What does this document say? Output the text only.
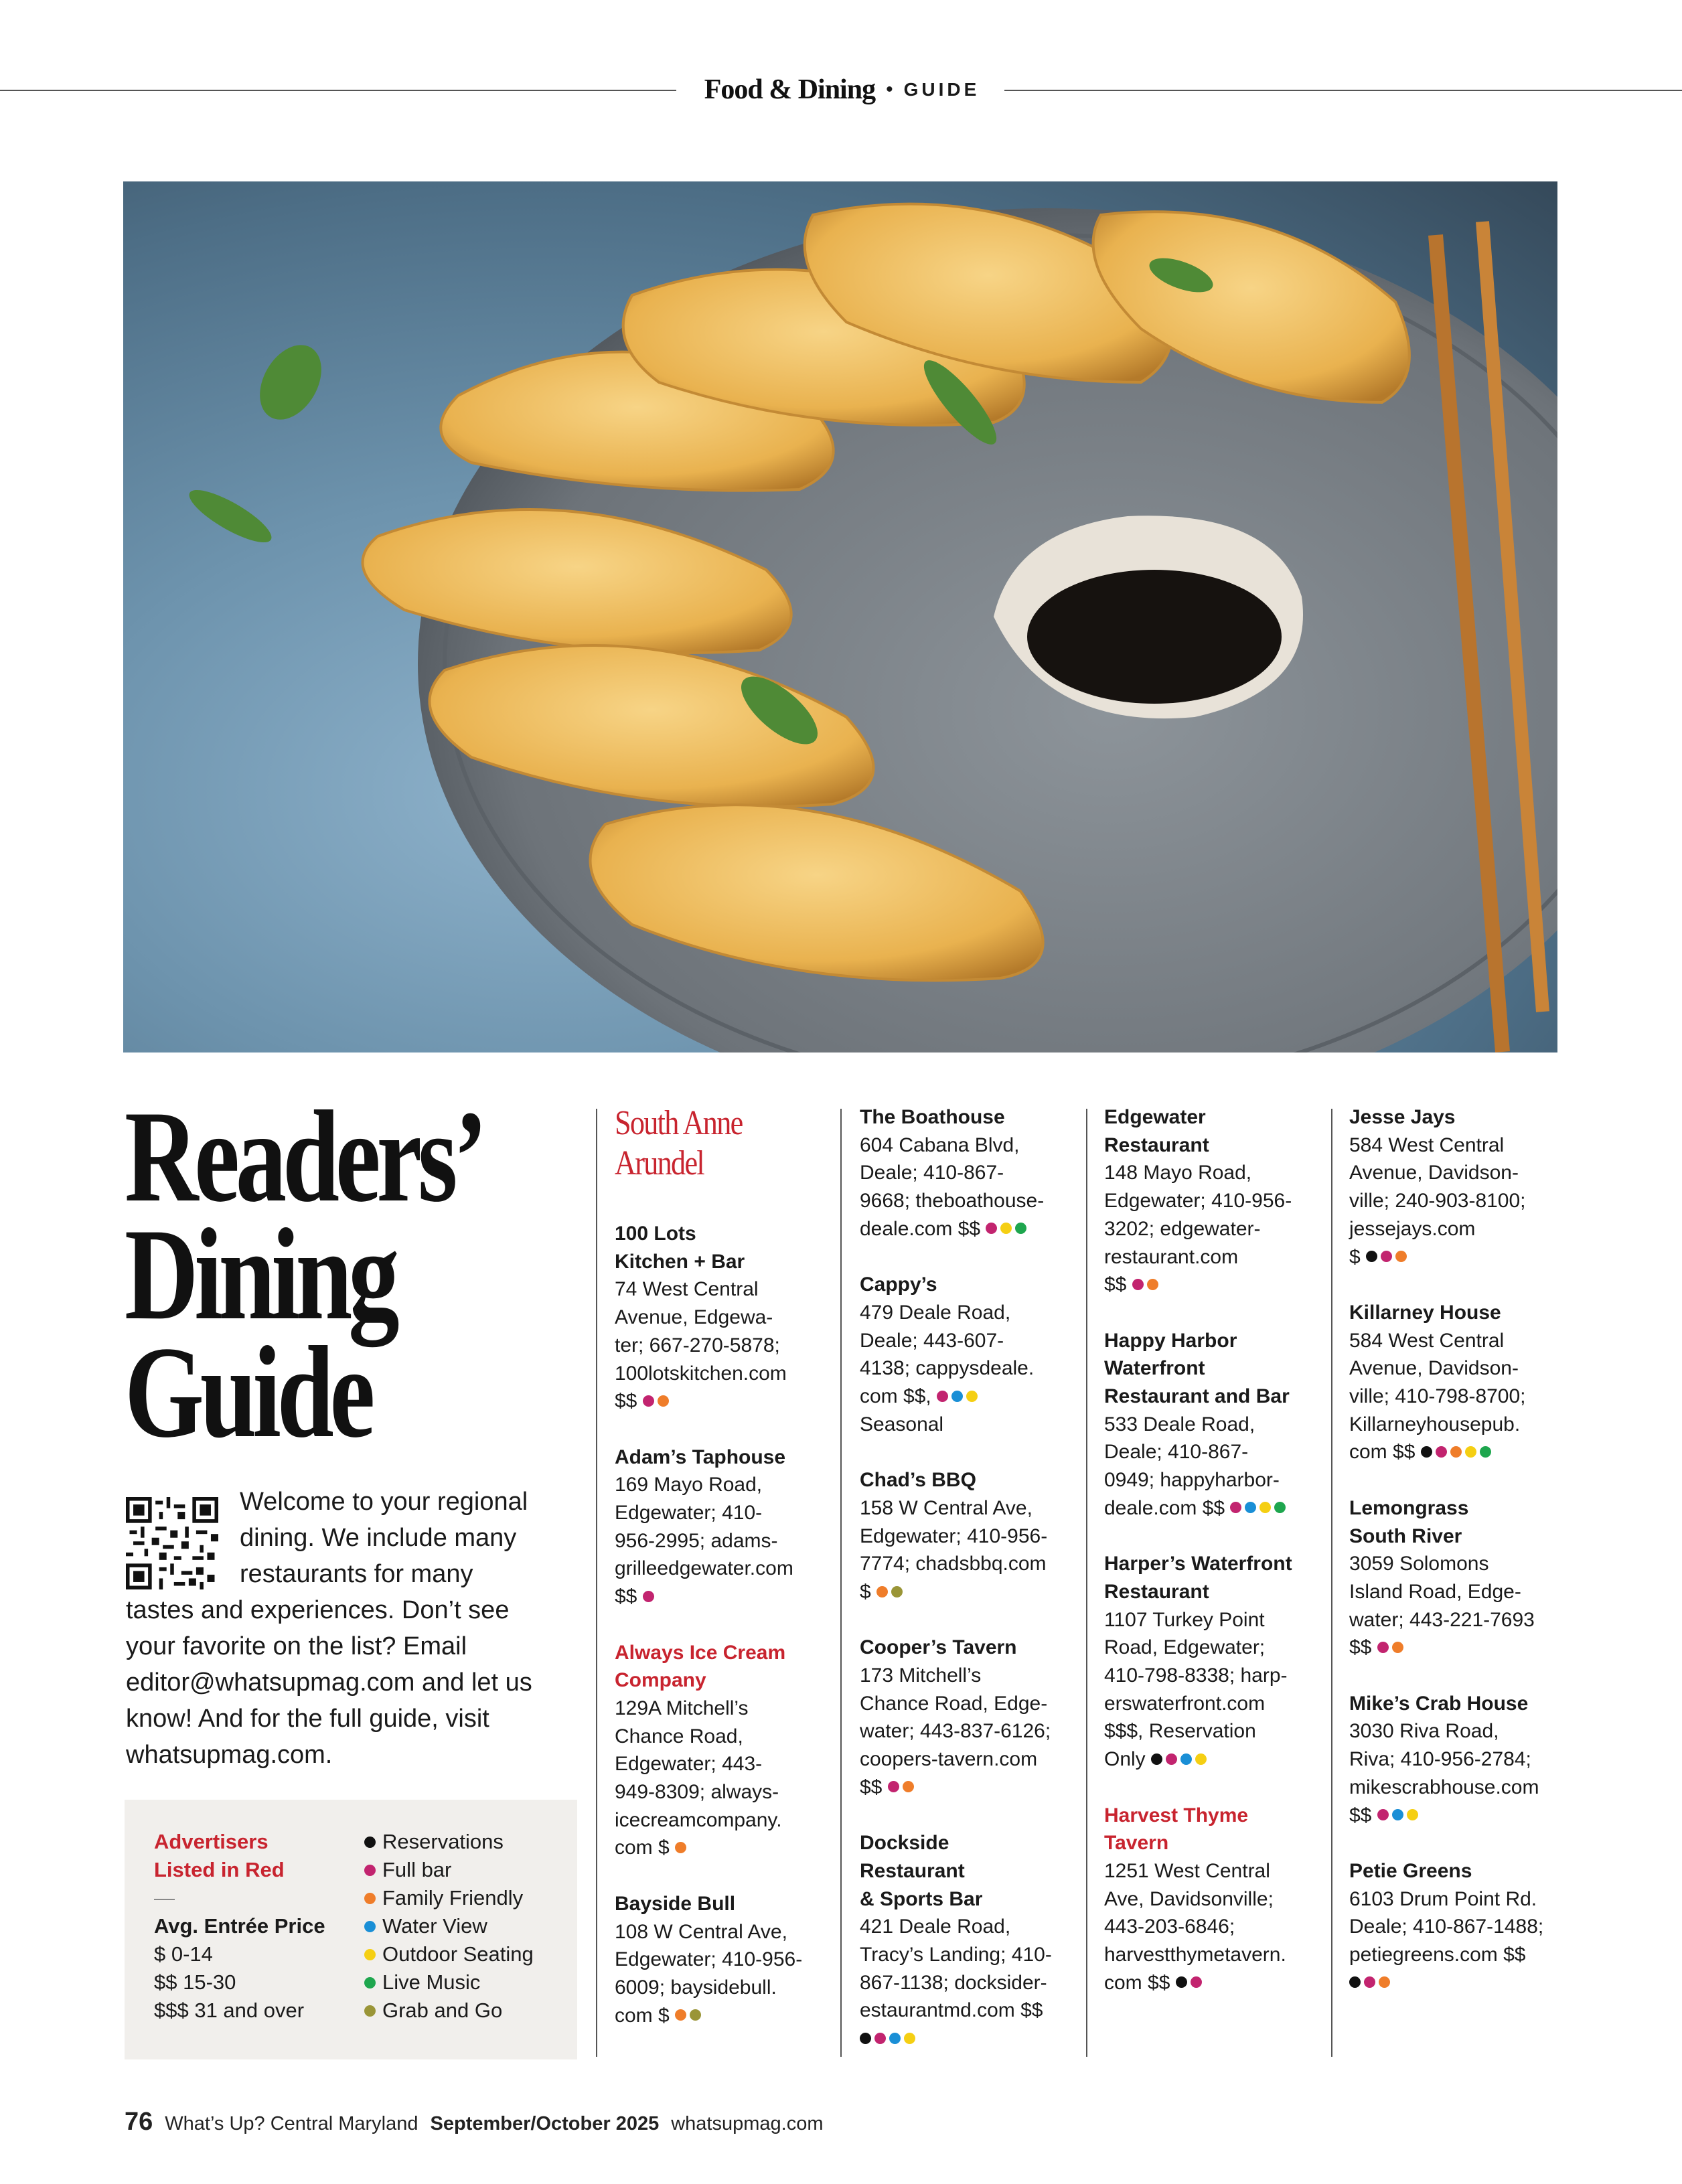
Food & Dining • GUIDE
Readers’
Dining
Guide
Welcome to your regional
dining. We include many
restaurants for many
tastes and experiences. Don’t see your favorite on the list? Email editor@whatsupmag.com and let us know! And for the full guide, visit whatsupmag.com.
Advertisers
Listed in Red
—
Avg. Entrée Price
$ 0-14
$$ 15-30
$$$ 31 and over
Reservations
Full bar
Family Friendly
Water View
Outdoor Seating
Live Music
Grab and Go
South Anne
Arundel
100 Lots
Kitchen + Bar
74 West Central
Avenue, Edgewa-
ter; 667-270-5878;
100lotskitchen.com
$$
Adam’s Taphouse
169 Mayo Road,
Edgewater; 410-
956-2995; adams-
grilleedgewater.com
$$
Always Ice Cream
Company
129A Mitchell’s
Chance Road,
Edgewater; 443-
949-8309; always-
icecreamcompany.
com $
Bayside Bull
108 W Central Ave,
Edgewater; 410-956-
6009; baysidebull.
com $
The Boathouse
604 Cabana Blvd,
Deale; 410-867-
9668; theboathouse-
deale.com $$
Cappy’s
479 Deale Road,
Deale; 443-607-
4138; cappysdeale.
com $$,
Seasonal
Chad’s BBQ
158 W Central Ave,
Edgewater; 410-956-
7774; chadsbbq.com
$
Cooper’s Tavern
173 Mitchell’s
Chance Road, Edge-
water; 443-837-6126;
coopers-tavern.com
$$
Dockside
Restaurant
& Sports Bar
421 Deale Road,
Tracy’s Landing; 410-
867-1138; docksider-
estaurantmd.com $$
Edgewater
Restaurant
148 Mayo Road,
Edgewater; 410-956-
3202; edgewater-
restaurant.com
$$
Happy Harbor
Waterfront
Restaurant and Bar
533 Deale Road,
Deale; 410-867-
0949; happyharbor-
deale.com $$
Harper’s Waterfront
Restaurant
1107 Turkey Point
Road, Edgewater;
410-798-8338; harp-
erswaterfront.com
$$$, Reservation
Only
Harvest Thyme
Tavern
1251 West Central
Ave, Davidsonville;
443-203-6846;
harvestthymetavern.
com $$
Jesse Jays
584 West Central
Avenue, Davidson-
ville; 240-903-8100;
jessejays.com
$
Killarney House
584 West Central
Avenue, Davidson-
ville; 410-798-8700;
Killarneyhousepub.
com $$
Lemongrass
South River
3059 Solomons
Island Road, Edge-
water; 443-221-7693
$$
Mike’s Crab House
3030 Riva Road,
Riva; 410-956-2784;
mikescrabhouse.com
$$
Petie Greens
6103 Drum Point Rd.
Deale; 410-867-1488;
petiegreens.com $$
76 What’s Up? Central Maryland September/October 2025 whatsupmag.com
